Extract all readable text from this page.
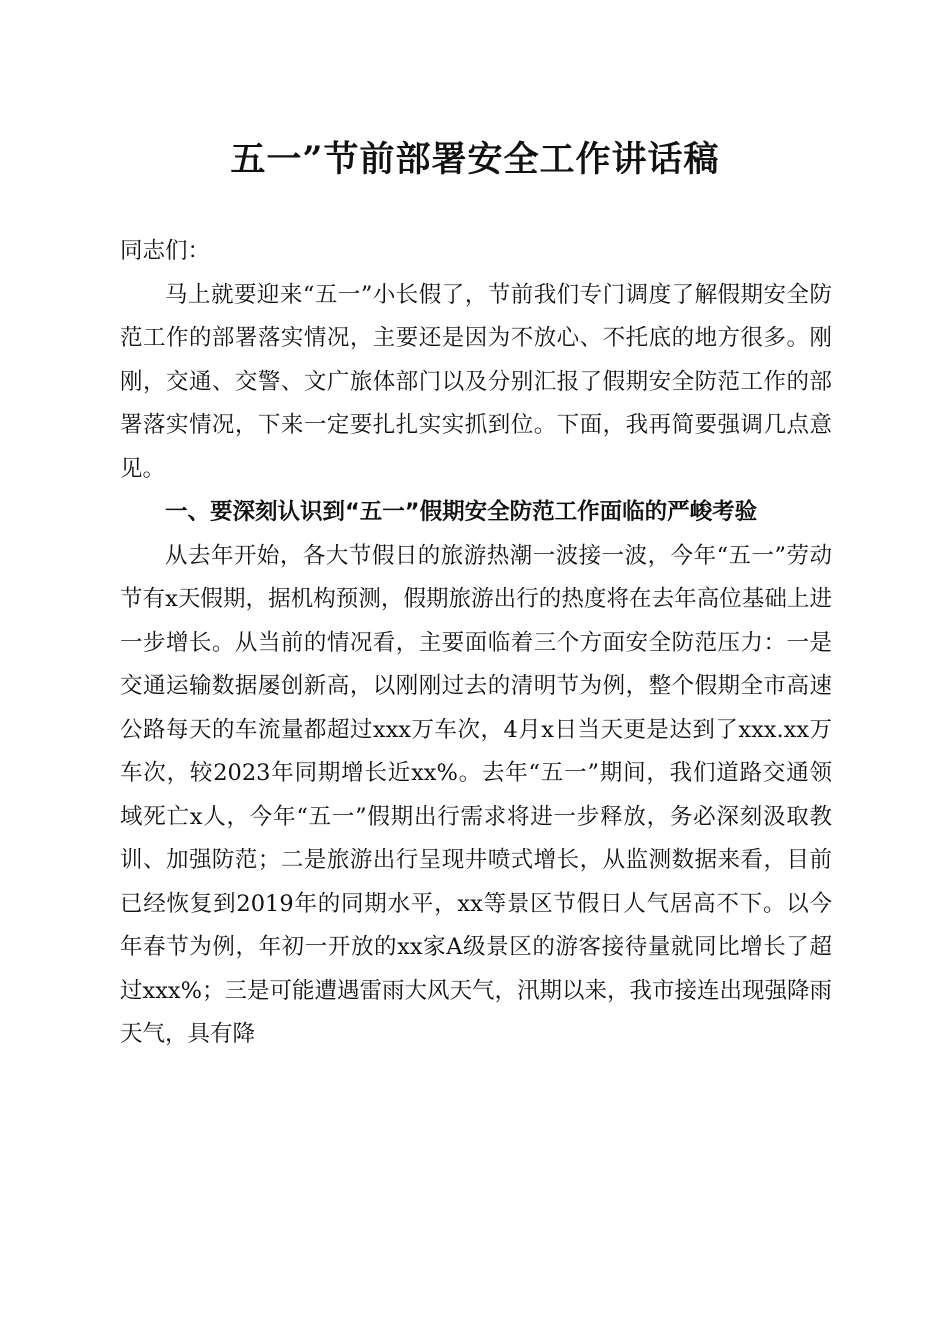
五一”节前部署安全工作讲话稿

同志们：

马上就要迎来“五一”小长假了，节前我们专门调度了解假期安全防范工作的部署落实情况，主要还是因为不放心、不托底的地方很多。刚刚，交通、交警、文广旅体部门以及分别汇报了假期安全防范工作的部署落实情况，下来一定要扎扎实实抓到位。下面，我再简要强调几点意见。

一、要深刻认识到“五一”假期安全防范工作面临的严峻考验

从去年开始，各大节假日的旅游热潮一波接一波，今年“五一”劳动节有x天假期，据机构预测，假期旅游出行的热度将在去年高位基础上进一步增长。从当前的情况看，主要面临着三个方面安全防范压力：一是交通运输数据屡创新高，以刚刚过去的清明节为例，整个假期全市高速公路每天的车流量都超过xxx万车次，4月x日当天更是达到了xxx.xx万车次，较2023年同期增长近xx%。去年“五一”期间，我们道路交通领域死亡x人，今年“五一”假期出行需求将进一步释放，务必深刻汲取教训、加强防范；二是旅游出行呈现井喷式增长，从监测数据来看，目前已经恢复到2019年的同期水平，xx等景区节假日人气居高不下。以今年春节为例，年初一开放的xx家A级景区的游客接待量就同比增长了超过xxx%；三是可能遭遇雷雨大风天气，汛期以来，我市接连出现强降雨天气，具有降
